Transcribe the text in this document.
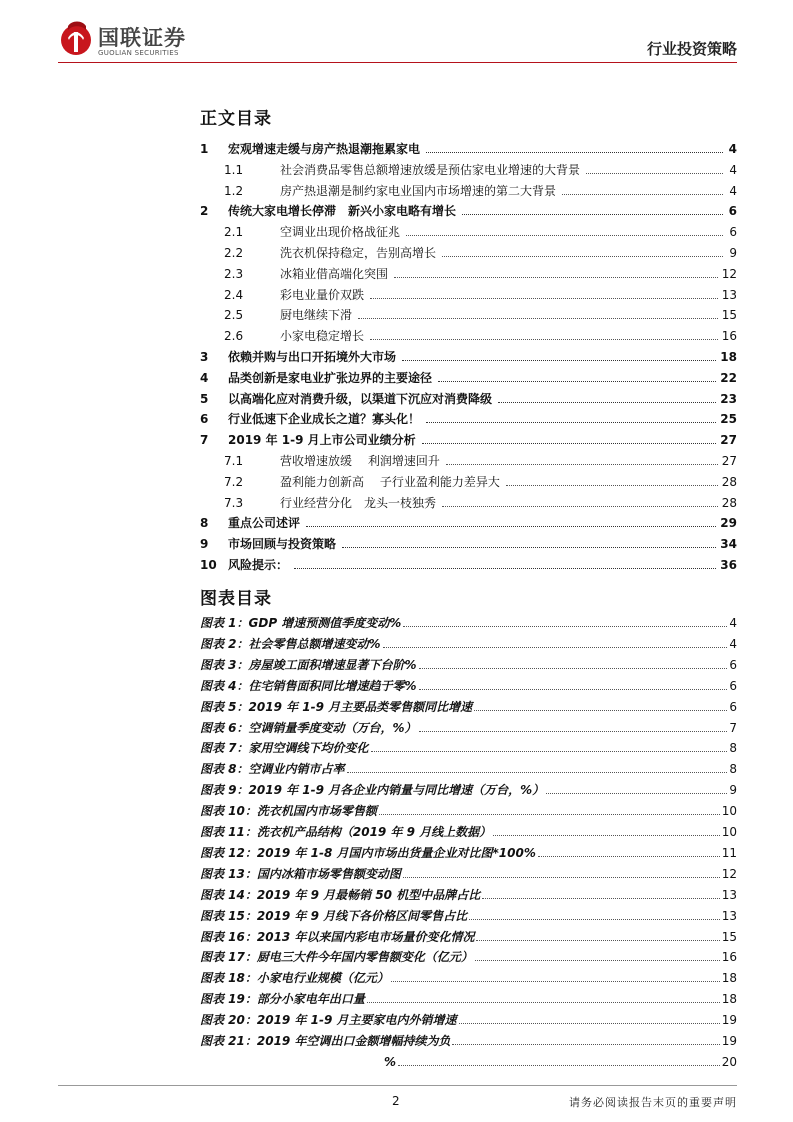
国联证券
GUOLIAN SECURITIES	行业投资策略
正文目录
1	宏观增速走缓与房产热退潮拖累家电	4
1.1	社会消费品零售总额增速放缓是预估家电业增速的大背景	4
1.2	房产热退潮是制约家电业国内市场增速的第二大背景	4
2	传统大家电增长停滞　新兴小家电略有增长	6
2.1	空调业出现价格战征兆	6
2.2	洗衣机保持稳定，告别高增长	9
2.3	冰箱业借高端化突围	12
2.4	彩电业量价双跌	13
2.5	厨电继续下滑	15
2.6	小家电稳定增长	16
3	依赖并购与出口开拓境外大市场	18
4	品类创新是家电业扩张边界的主要途径	22
5	以高端化应对消费升级，以渠道下沉应对消费降级	23
6	行业低速下企业成长之道？寡头化！	25
7	2019 年 1-9 月上市公司业绩分析	27
7.1	营收增速放缓　 利润增速回升	27
7.2	盈利能力创新高　 子行业盈利能力差异大	28
7.3	行业经营分化　龙头一枝独秀	28
8	重点公司述评	29
9	市场回顾与投资策略	34
10 风险提示：	36
图表目录
图表 1：GDP 增速预测值季度变动%	4
图表 2：社会零售总额增速变动%	4
图表 3：房屋竣工面积增速显著下台阶%	6
图表 4：住宅销售面积同比增速趋于零%	6
图表 5：2019 年 1-9 月主要品类零售额同比增速	6
图表 6：空调销量季度变动（万台，%）	7
图表 7：家用空调线下均价变化	8
图表 8：空调业内销市占率	8
图表 9：2019 年 1-9 月各企业内销量与同比增速（万台，%）	9
图表 10：洗衣机国内市场零售额	10
图表 11：洗衣机产品结构（2019 年 9 月线上数据）	10
图表 12：2019 年 1-8 月国内市场出货量企业对比图*100%	11
图表 13：国内冰箱市场零售额变动图	12
图表 14：2019 年 9 月最畅销 50 机型中品牌占比	13
图表 15：2019 年 9 月线下各价格区间零售占比	13
图表 16：2013 年以来国内彩电市场量价变化情况	15
图表 17：厨电三大件今年国内零售额变化（亿元）	16
图表 18：小家电行业规模（亿元）	18
图表 19：部分小家电年出口量	18
图表 20：2019 年 1-9 月主要家电内外销增速	19
图表 21：2019 年空调出口金额增幅持续为负	19
%	20
2	请务必阅读报告末页的重要声明
